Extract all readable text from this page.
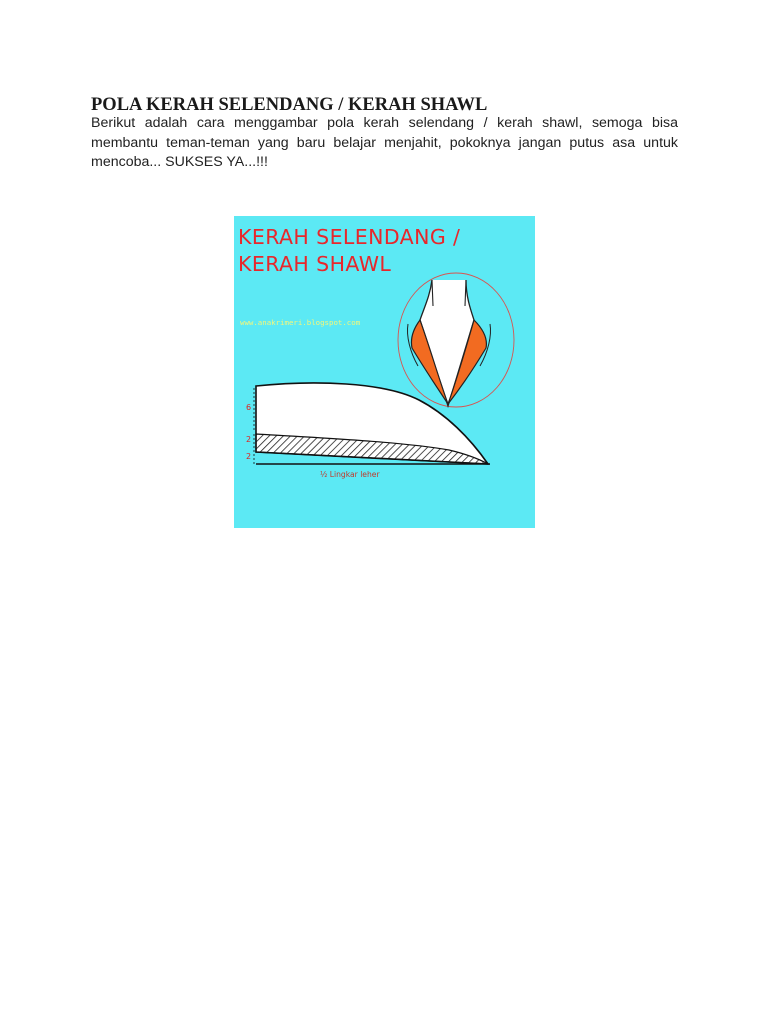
POLA KERAH SELENDANG / KERAH SHAWL

Berikut adalah cara menggambar pola kerah selendang / kerah shawl, semoga bisa membantu teman-teman yang baru belajar menjahit, pokoknya jangan putus asa untuk mencoba... SUKSES YA...!!!

KERAH SELENDANG /
KERAH SHAWL
www.anakrimeri.blogspot.com
6
2
2
½ Lingkar leher
